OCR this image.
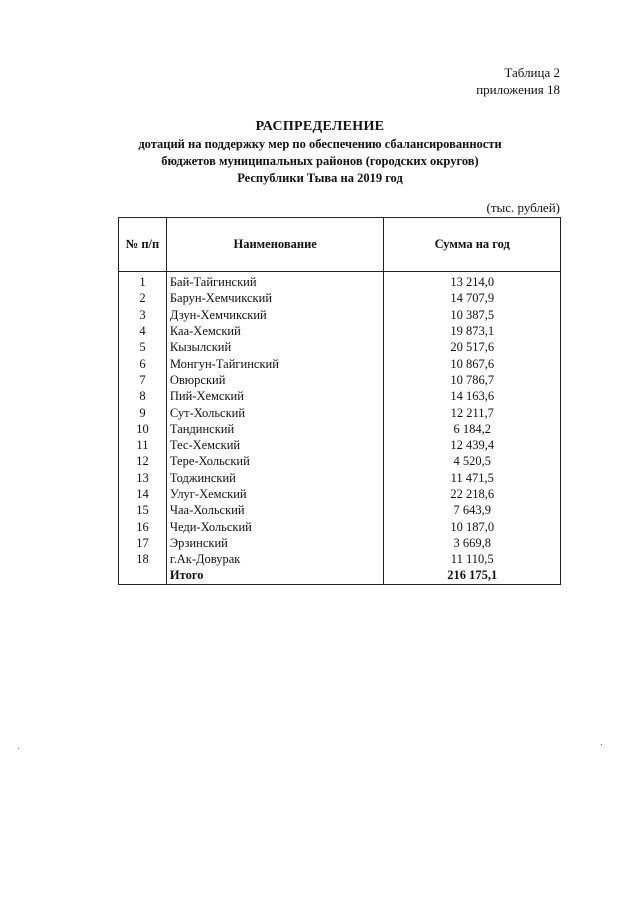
Таблица 2
приложения 18
РАСПРЕДЕЛЕНИЕ
дотаций на поддержку мер по обеспечению сбалансированности
бюджетов муниципальных районов (городских округов)
Республики Тыва на 2019 год
(тыс. рублей)
№ п/п	Наименование	Сумма на год
1	Бай-Тайгинский	13 214,0
2	Барун-Хемчикский	14 707,9
3	Дзун-Хемчикский	10 387,5
4	Каа-Хемский	19 873,1
5	Кызылский	20 517,6
6	Монгун-Тайгинский	10 867,6
7	Овюрский	10 786,7
8	Пий-Хемский	14 163,6
9	Сут-Хольский	12 211,7
10	Тандинский	6 184,2
11	Тес-Хемский	12 439,4
12	Тере-Хольский	4 520,5
13	Тоджинский	11 471,5
14	Улуг-Хемский	22 218,6
15	Чаа-Хольский	7 643,9
16	Чеди-Хольский	10 187,0
17	Эрзинский	3 669,8
18	г.Ак-Довурак	11 110,5
	Итого	216 175,1
